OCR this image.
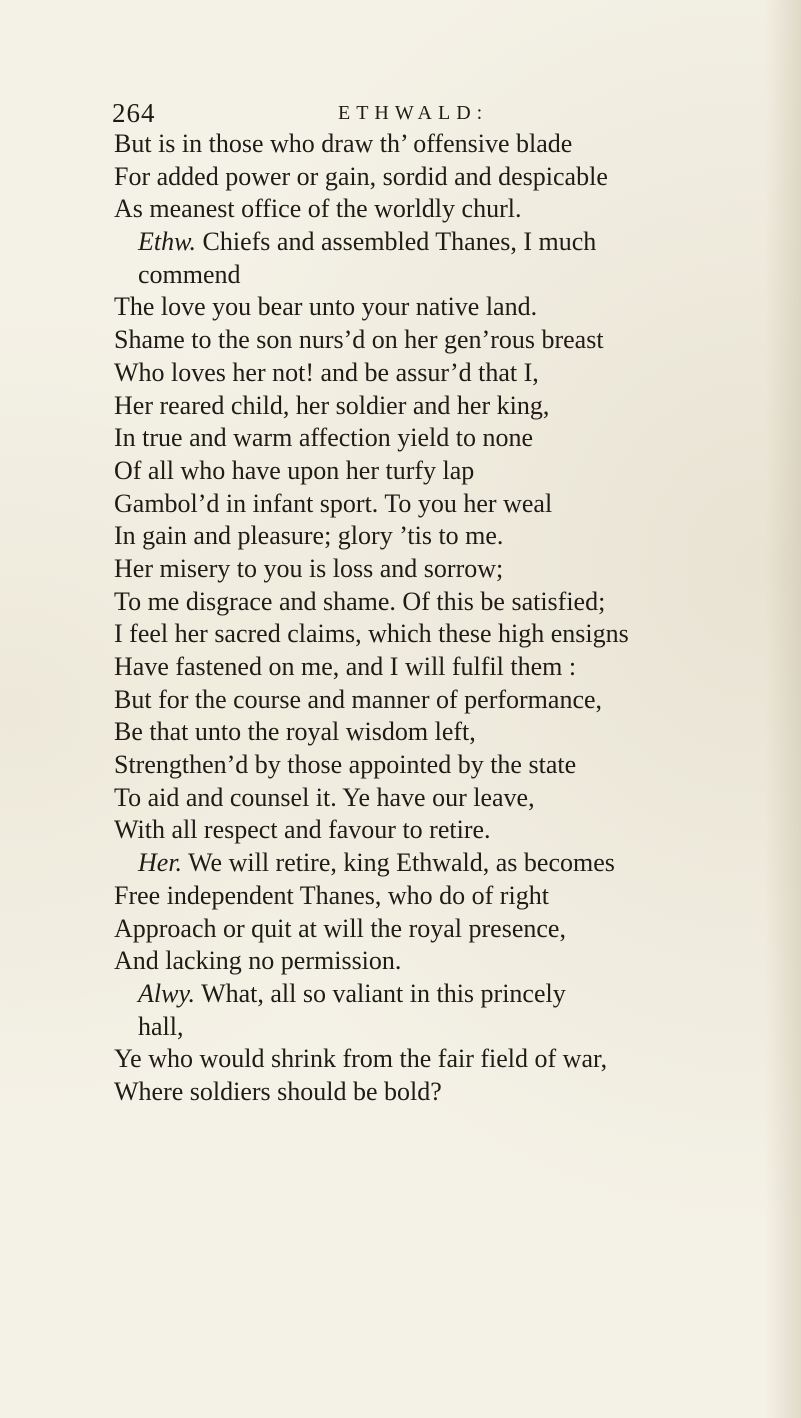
264	ETHWALD:
But is in those who draw th’ offensive blade
For added power or gain, sordid and despicable
As meanest office of the worldly churl.
Ethw. Chiefs and assembled Thanes, I much
commend
The love you bear unto your native land.
Shame to the son nurs’d on her gen’rous breast
Who loves her not! and be assur’d that I,
Her reared child, her soldier and her king,
In true and warm affection yield to none
Of all who have upon her turfy lap
Gambol’d in infant sport. To you her weal
In gain and pleasure; glory ’tis to me.
Her misery to you is loss and sorrow;
To me disgrace and shame. Of this be satisfied;
I feel her sacred claims, which these high ensigns
Have fastened on me, and I will fulfil them :
But for the course and manner of performance,
Be that unto the royal wisdom left,
Strengthen’d by those appointed by the state
To aid and counsel it. Ye have our leave,
With all respect and favour to retire.
Her. We will retire, king Ethwald, as becomes
Free independent Thanes, who do of right
Approach or quit at will the royal presence,
And lacking no permission.
Alwy. What, all so valiant in this princely
hall,
Ye who would shrink from the fair field of war,
Where soldiers should be bold?
